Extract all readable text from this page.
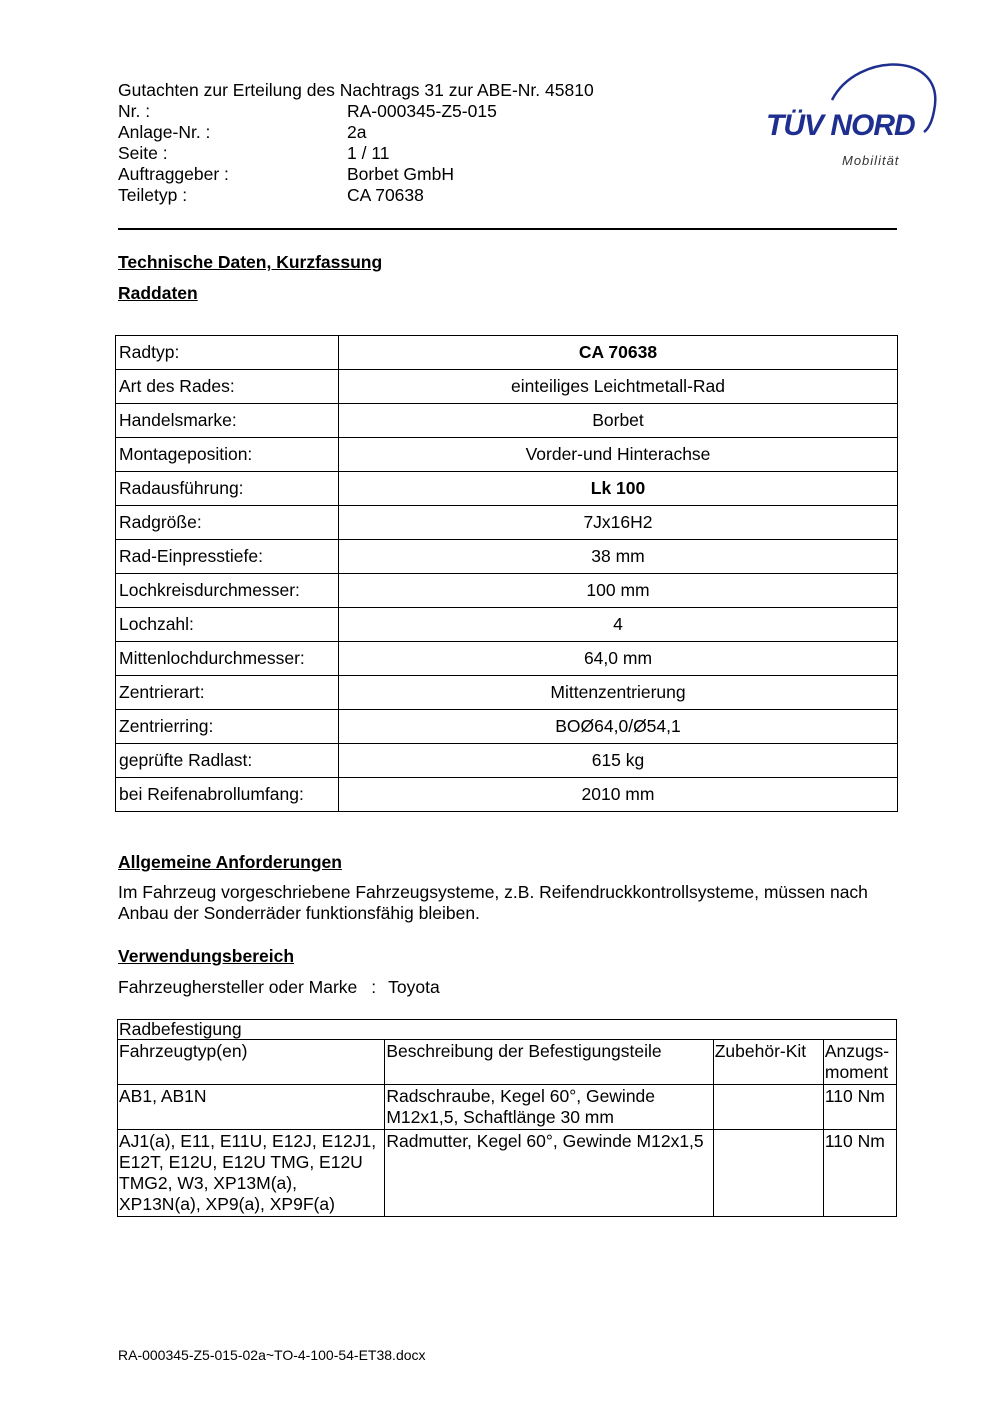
Gutachten zur Erteilung des Nachtrags 31 zur ABE-Nr. 45810
Nr. :	RA-000345-Z5-015
Anlage-Nr. :	2a
Seite :	1 / 11
Auftraggeber :	Borbet GmbH
Teiletyp :	CA 70638
TÜV NORD
Mobilität
Technische Daten, Kurzfassung
Raddaten
Radtyp:	CA 70638
Art des Rades:	einteiliges Leichtmetall-Rad
Handelsmarke:	Borbet
Montageposition:	Vorder-und Hinterachse
Radausführung:	Lk 100
Radgröße:	7Jx16H2
Rad-Einpresstiefe:	38 mm
Lochkreisdurchmesser:	100 mm
Lochzahl:	4
Mittenlochdurchmesser:	64,0 mm
Zentrierart:	Mittenzentrierung
Zentrierring:	BOØ64,0/Ø54,1
geprüfte Radlast:	615 kg
bei Reifenabrollumfang:	2010 mm
Allgemeine Anforderungen
Im Fahrzeug vorgeschriebene Fahrzeugsysteme, z.B. Reifendruckkontrollsysteme, müssen nach Anbau der Sonderräder funktionsfähig bleiben.
Verwendungsbereich
Fahrzeughersteller oder Marke : Toyota
Radbefestigung			
Fahrzeugtyp(en)	Beschreibung der Befestigungsteile	Zubehör-Kit	Anzugs-moment
AB1, AB1N	Radschraube, Kegel 60°, Gewinde M12x1,5, Schaftlänge 30 mm		110 Nm
AJ1(a), E11, E11U, E12J, E12J1, E12T, E12U, E12U TMG, E12U TMG2, W3, XP13M(a), XP13N(a), XP9(a), XP9F(a)	Radmutter, Kegel 60°, Gewinde M12x1,5		110 Nm
RA-000345-Z5-015-02a~TO-4-100-54-ET38.docx
